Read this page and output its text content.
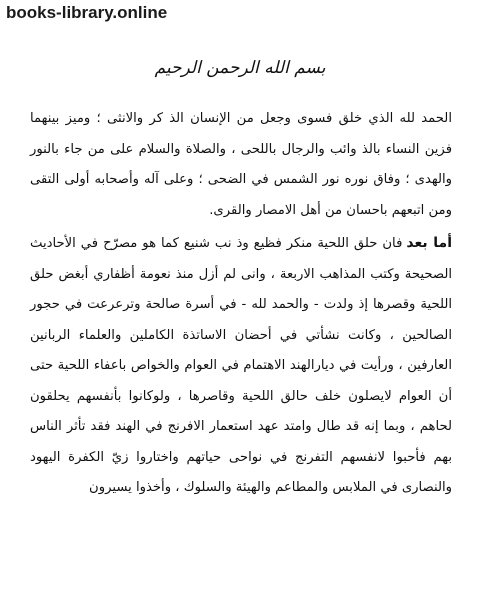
books-library.online
بسم الله الرحمن الرحيم

الحمد لله الذي خلق فسوى وجعل من الإنسان الذ كر والانثى ؛ وميز بينهما فزين النساء بالذ وائب والرجال باللحى ، والصلاة والسلام على من جاء بالنور والهدى ؛ وفاق نوره نور الشمس في الضحى ؛ وعلى آله وأصحابه أولى التقى ومن اتبعهم باحسان من أهل الامصار والقرى.

أما بعدفان حلق اللحية منكر فظيع وذ نب شنيع كما هو مصرّح في الأحاديث الصحيحة وكتب المذاهب الاربعة ، وانى لم أزل منذ نعومة أظفاري أبغض حلق اللحية وقصرها إذ ولدت - والحمد لله - في أسرة صالحة وترعرعت في حجور الصالحين ، وكانت نشأتي في أحضان الاساتذة الكاملين والعلماء الربانين العارفين ، ورأيت في ديارالهند الاهتمام في العوام والخواص باعفاء اللحية حتى أن العوام لايصلون خلف حالق اللحية وقاصرها ، ولوكانوا بأنفسهم يحلقون لحاهم ، وبما إنه قد طال وامتد عهد استعمار الافرنج في الهند فقد تأثر الناس بهم فأحبوا لانفسهم التفرنج في نواحى حياتهم واختاروا زيّ الكفرة اليهود والنصارى في الملابس والمطاعم والهيئة والسلوك ، وأخذوا يسيرون
